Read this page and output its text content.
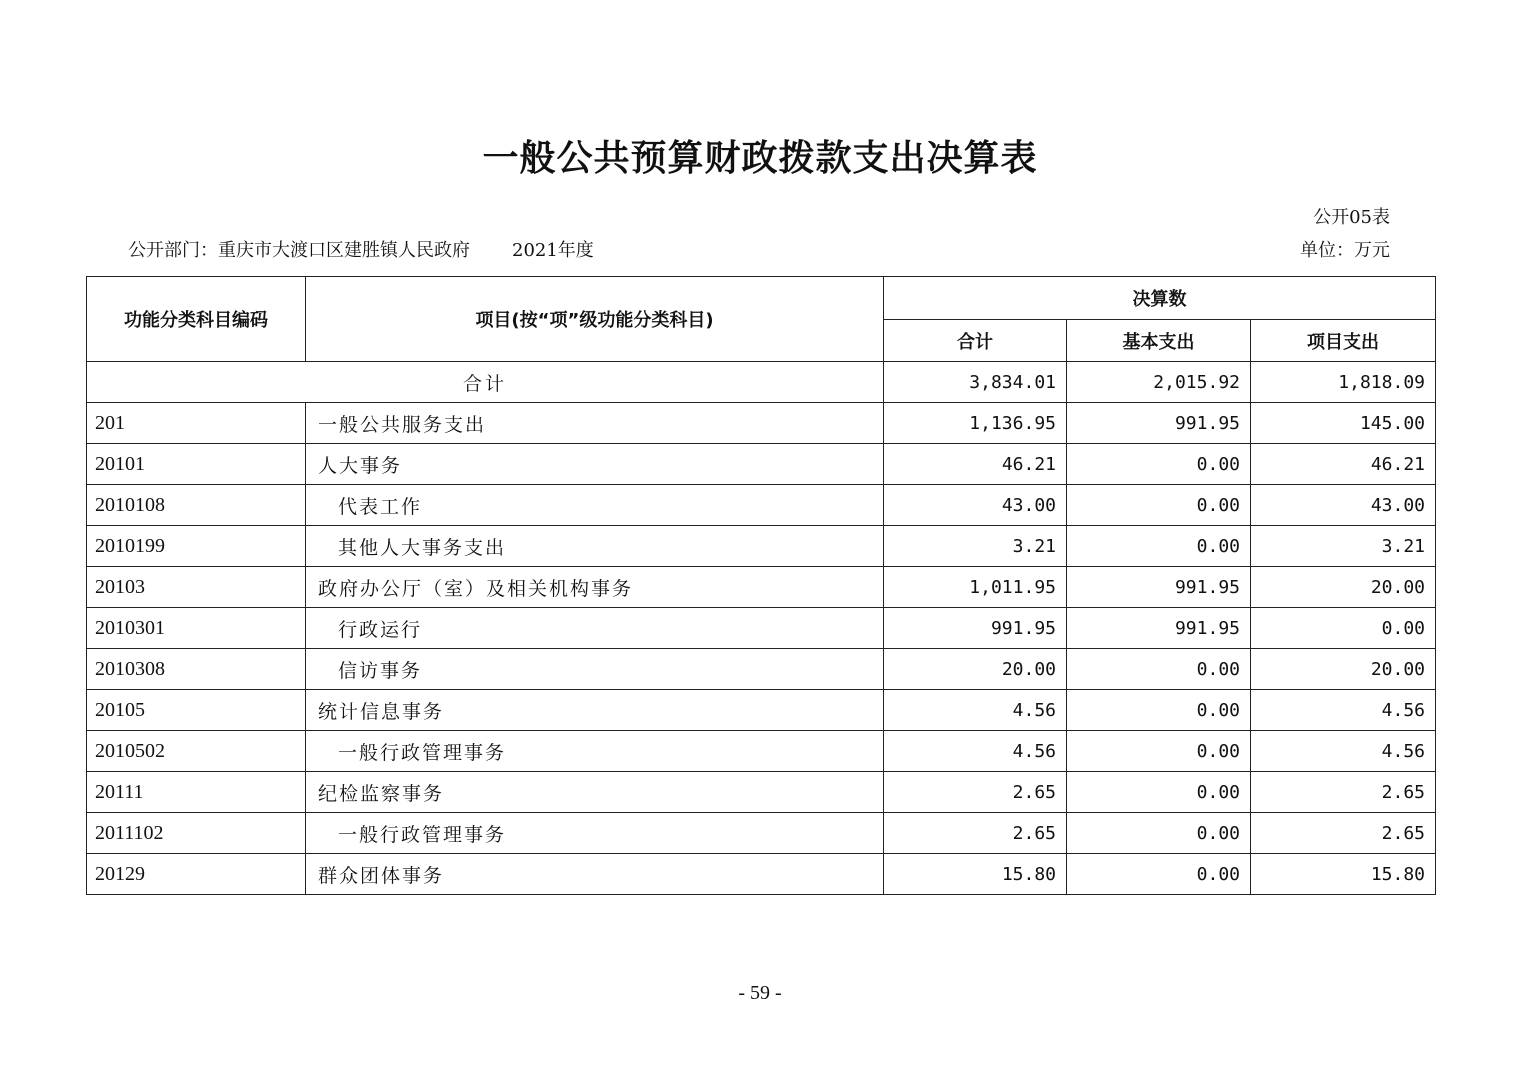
一般公共预算财政拨款支出决算表
公开05表
公开部门：重庆市大渡口区建胜镇人民政府 2021年度	单位：万元
功能分类科目编码	项目(按“项”级功能分类科目)	决算数		
		合计	基本支出	项目支出
合计		3,834.01	2,015.92	1,818.09
201	一般公共服务支出	1,136.95	991.95	145.00
20101	人大事务	46.21	0.00	46.21
2010108	代表工作	43.00	0.00	43.00
2010199	其他人大事务支出	3.21	0.00	3.21
20103	政府办公厅（室）及相关机构事务	1,011.95	991.95	20.00
2010301	行政运行	991.95	991.95	0.00
2010308	信访事务	20.00	0.00	20.00
20105	统计信息事务	4.56	0.00	4.56
2010502	一般行政管理事务	4.56	0.00	4.56
20111	纪检监察事务	2.65	0.00	2.65
2011102	一般行政管理事务	2.65	0.00	2.65
20129	群众团体事务	15.80	0.00	15.80
- 59 -
